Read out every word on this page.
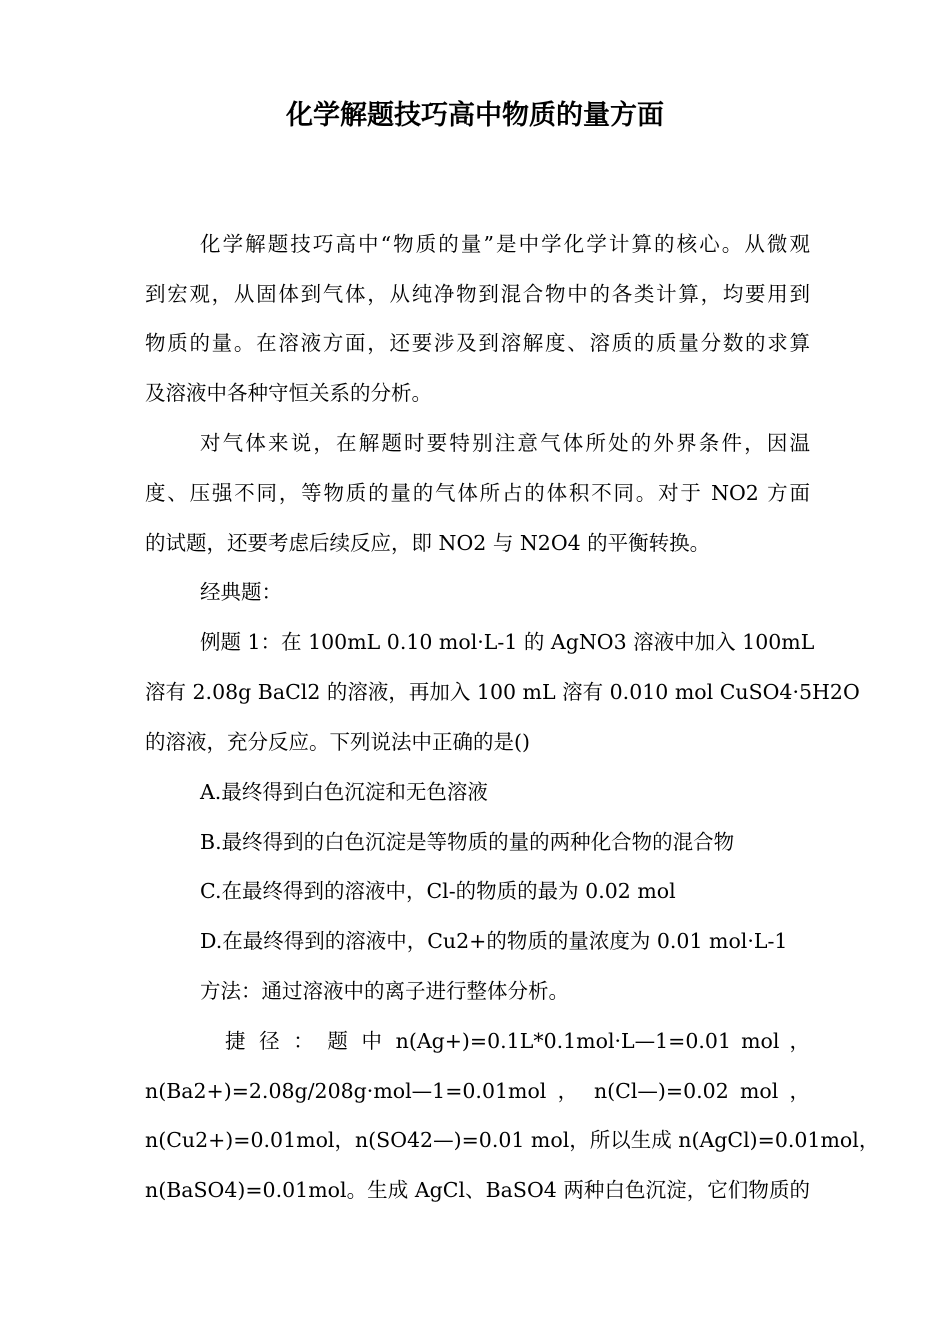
化学解题技巧高中物质的量方面

化学解题技巧高中“物质的量”是中学化学计算的核心。从微观

到宏观，从固体到气体，从纯净物到混合物中的各类计算，均要用到

物质的量。在溶液方面，还要涉及到溶解度、溶质的质量分数的求算

及溶液中各种守恒关系的分析。

对气体来说，在解题时要特别注意气体所处的外界条件，因温

度、压强不同，等物质的量的气体所占的体积不同。对于 NO2 方面

的试题，还要考虑后续反应，即 NO2 与 N2O4 的平衡转换。

经典题：

例题 1：在 100mL 0.10 mol·L-1 的 AgNO3 溶液中加入 100mL

溶有 2.08g BaCl2 的溶液，再加入 100 mL 溶有 0.010 mol CuSO4·5H2O

的溶液，充分反应。下列说法中正确的是()

A.最终得到白色沉淀和无色溶液

B.最终得到的白色沉淀是等物质的量的两种化合物的混合物

C.在最终得到的溶液中，Cl-的物质的最为 0.02 mol

D.在最终得到的溶液中，Cu2+的物质的量浓度为 0.01 mol·L-1

方法：通过溶液中的离子进行整体分析。

捷 径 ： 题 中 n(Ag+)=0.1L*0.1mol·L—1=0.01 mol ，

n(Ba2+)=2.08g/208g·mol—1=0.01mol ， n(Cl—)=0.02 mol ，

n(Cu2+)=0.01mol，n(SO42—)=0.01 mol，所以生成 n(AgCl)=0.01mol，

n(BaSO4)=0.01mol。生成 AgCl、BaSO4 两种白色沉淀，它们物质的
